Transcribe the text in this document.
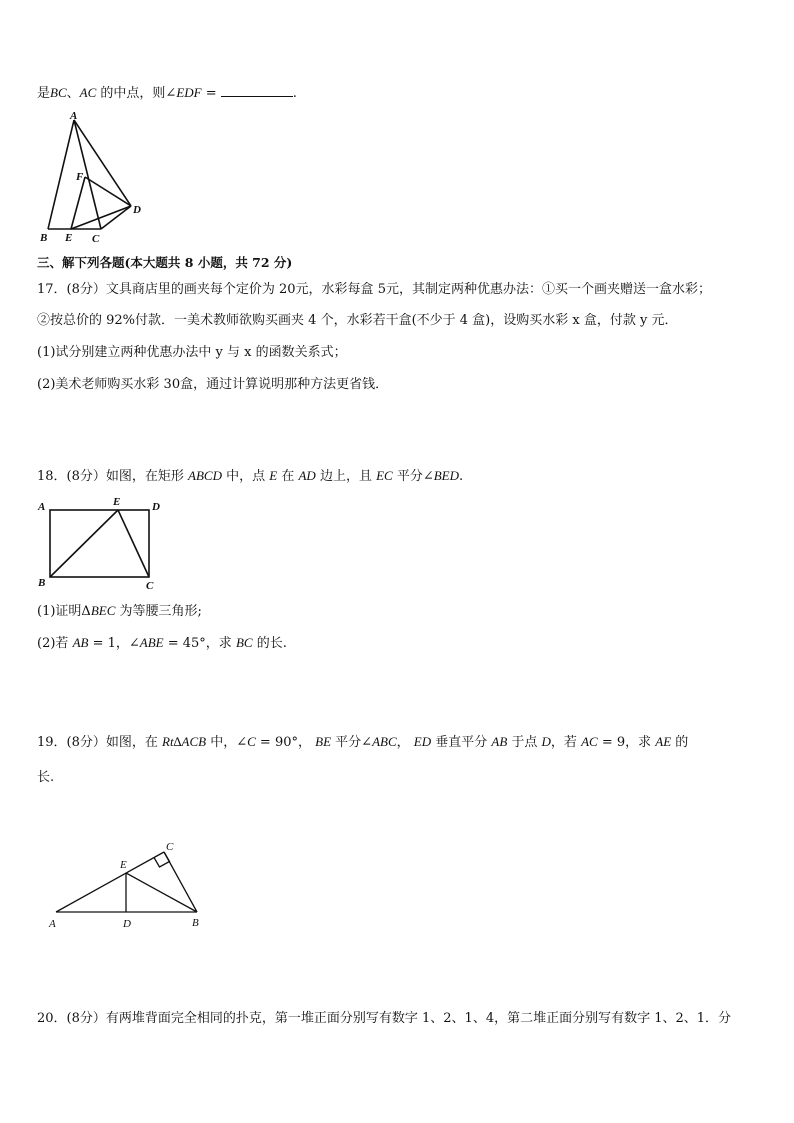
是BC、AC 的中点，则∠EDF =	.
A
B	C
D
E
F
三、解下列各题(本大题共 8 小题，共 72 分)
17．(8分）文具商店里的画夹每个定价为 20元，水彩每盒 5元，其制定两种优惠办法：①买一个画夹赠送一盒水彩；
②按总价的 92%付款．一美术教师欲购买画夹 4 个，水彩若干盒(不少于 4 盒)，设购买水彩 x 盒，付款 y 元．
(1)试分别建立两种优惠办法中 y 与 x 的函数关系式；
(2)美术老师购买水彩 30盒，通过计算说明那种方法更省钱．
18．(8分）如图，在矩形 ABCD 中，点 E 在 AD 边上，且 EC 平分∠BED.
A	E	D
B	C
(1)证明ΔBEC 为等腰三角形;
(2)若 AB = 1，∠ABE = 45°，求 BC 的长.
19．(8分）如图，在 Rt∆ACB 中，∠C = 90°， BE 平分∠ABC， ED 垂直平分 AB 于点 D，若 AC = 9，求 AE 的
长.
E
C
A	D	B
20．(8分）有两堆背面完全相同的扑克，第一堆正面分别写有数字 1、2、1、4，第二堆正面分别写有数字 1、2、1．分
